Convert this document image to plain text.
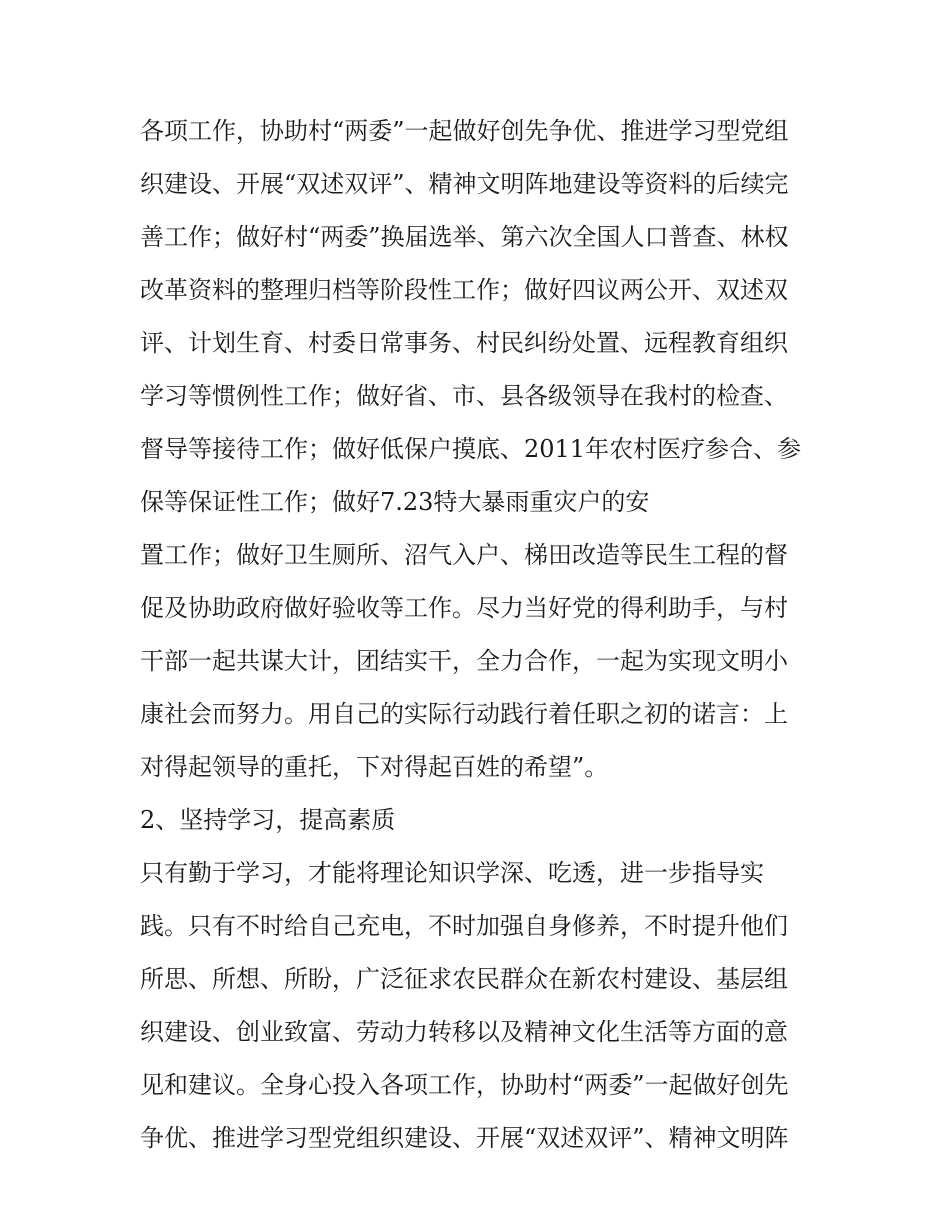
各项工作，协助村“两委”一起做好创先争优、推进学习型党组
织建设、开展“双述双评”、精神文明阵地建设等资料的后续完
善工作；做好村“两委”换届选举、第六次全国人口普查、林权
改革资料的整理归档等阶段性工作；做好四议两公开、双述双
评、计划生育、村委日常事务、村民纠纷处置、远程教育组织
学习等惯例性工作；做好省、市、县各级领导在我村的检查、
督导等接待工作；做好低保户摸底、2011年农村医疗参合、参
保等保证性工作；做好7.23特大暴雨重灾户的安
置工作；做好卫生厕所、沼气入户、梯田改造等民生工程的督
促及协助政府做好验收等工作。尽力当好党的得利助手，与村
干部一起共谋大计，团结实干，全力合作，一起为实现文明小
康社会而努力。用自己的实际行动践行着任职之初的诺言：上
对得起领导的重托，下对得起百姓的希望”。
2、坚持学习，提高素质
只有勤于学习，才能将理论知识学深、吃透，进一步指导实
践。只有不时给自己充电，不时加强自身修养，不时提升他们
所思、所想、所盼，广泛征求农民群众在新农村建设、基层组
织建设、创业致富、劳动力转移以及精神文化生活等方面的意
见和建议。全身心投入各项工作，协助村“两委”一起做好创先
争优、推进学习型党组织建设、开展“双述双评”、精神文明阵
